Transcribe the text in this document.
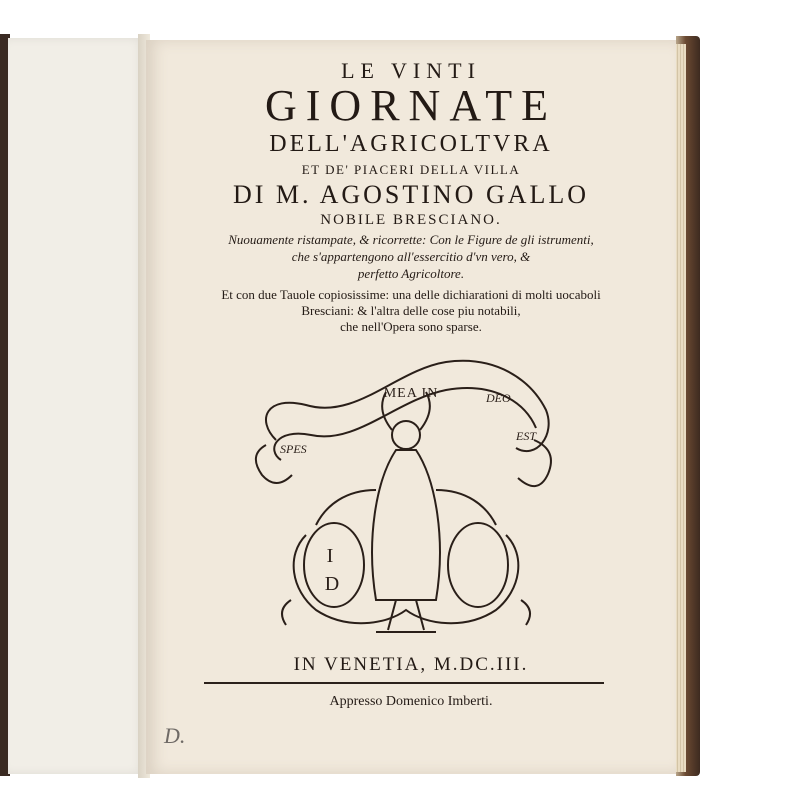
LE VINTI
GIORNATE
DELL'AGRICOLTVRA
ET DE' PIACERI DELLA VILLA
DI M. AGOSTINO GALLO
NOBILE BRESCIANO.
Nuouamente ristampate, & ricorrette: Con le Figure de gli istrumenti,
che s'appartengono all'essercitio d'vn vero, &
perfetto Agricoltore.
Et con due Tauole copiosissime: una delle dichiarationi di molti uocaboli
Bresciani: & l'altra delle cose piu notabili,
che nell'Opera sono sparse.
MEA IN
SPES
DEO
EST
I
D
IN VENETIA, M.DC.III.
Appresso Domenico Imberti.
D.
